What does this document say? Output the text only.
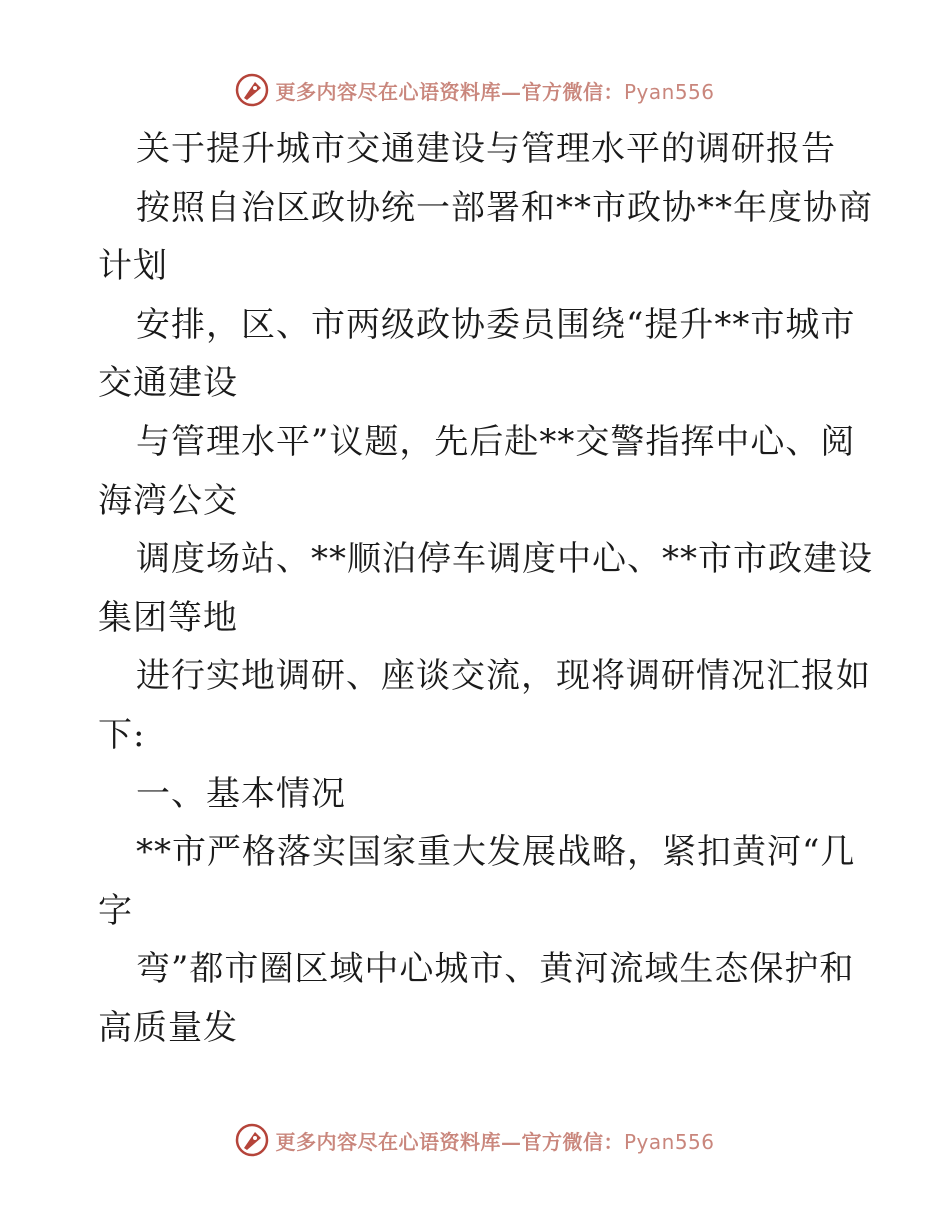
更多内容尽在心语资料库—官方微信：Pyan556
关于提升城市交通建设与管理水平的调研报告
按照自治区政协统一部署和**市政协**年度协商
计划
安排，区、市两级政协委员围绕“提升**市城市
交通建设
与管理水平”议题，先后赴**交警指挥中心、阅
海湾公交
调度场站、**顺泊停车调度中心、**市市政建设
集团等地
进行实地调研、座谈交流，现将调研情况汇报如
下:
一、基本情况
**市严格落实国家重大发展战略，紧扣黄河“几
字
弯”都市圈区域中心城市、黄河流域生态保护和
高质量发
更多内容尽在心语资料库—官方微信：Pyan556
